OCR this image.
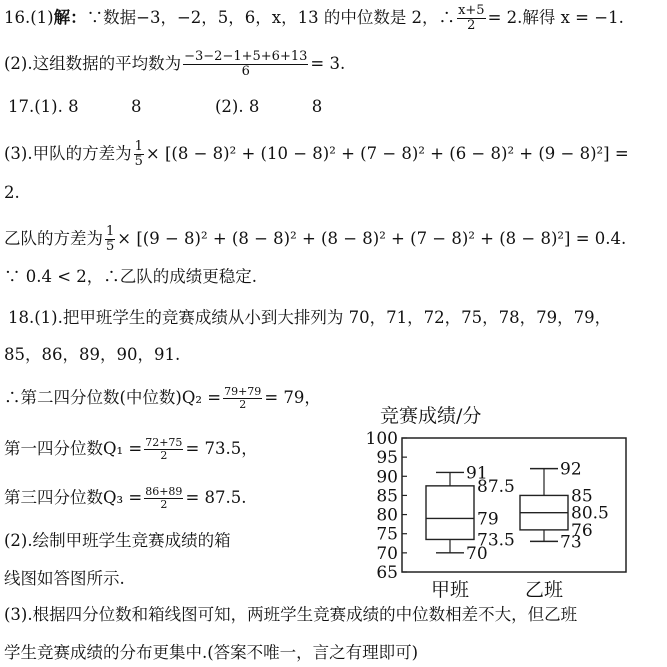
16.(1)解：∵数据−3，−2，5，6，x，13 的中位数是 2，∴ $\frac{x+5}{2} = 2$.解得 x = −1.
(2).这组数据的平均数为 $\frac{-3-2-1+5+6+13}{6} = 3$.
17.(1). 8          8              (2). 8          8
(3).甲队的方差为 $\frac{1}{5} \times [(8 - 8)^2 + (10 - 8)^2 + (7 - 8)^2 + (6 - 8)^2 + (9 - 8)^2]$ =
2.
乙队的方差为 $\frac{1}{5} \times [(9 - 8)^2 + (8 - 8)^2 + (8 - 8)^2 + (7 - 8)^2 + (8 - 8)^2] = 0.4$.
∵ 0.4 < 2，∴乙队的成绩更稳定.
18.(1).把甲班学生的竞赛成绩从小到大排列为 70，71，72，75，78，79，79，
85，86，89，90，91.
∴第二四分位数(中位数)$Q_2 = \frac{79+79}{2} = 79$，
第一四分位数$Q_1 = \frac{72+75}{2} = 73.5$，
第三四分位数$Q_3 = \frac{86+89}{2} = 87.5$.
(2).绘制甲班学生竞赛成绩的箱
线图如答图所示.
(3).根据四分位数和箱线图可知，两班学生竞赛成绩的中位数相差不大，但乙班
学生竞赛成绩的分布更集中.(答案不唯一，言之有理即可)
竞赛成绩/分
65
70
75
80
85
90
95
100
91
87.5
79
73.5
70
甲班
92
85
80.5
76
73
乙班
